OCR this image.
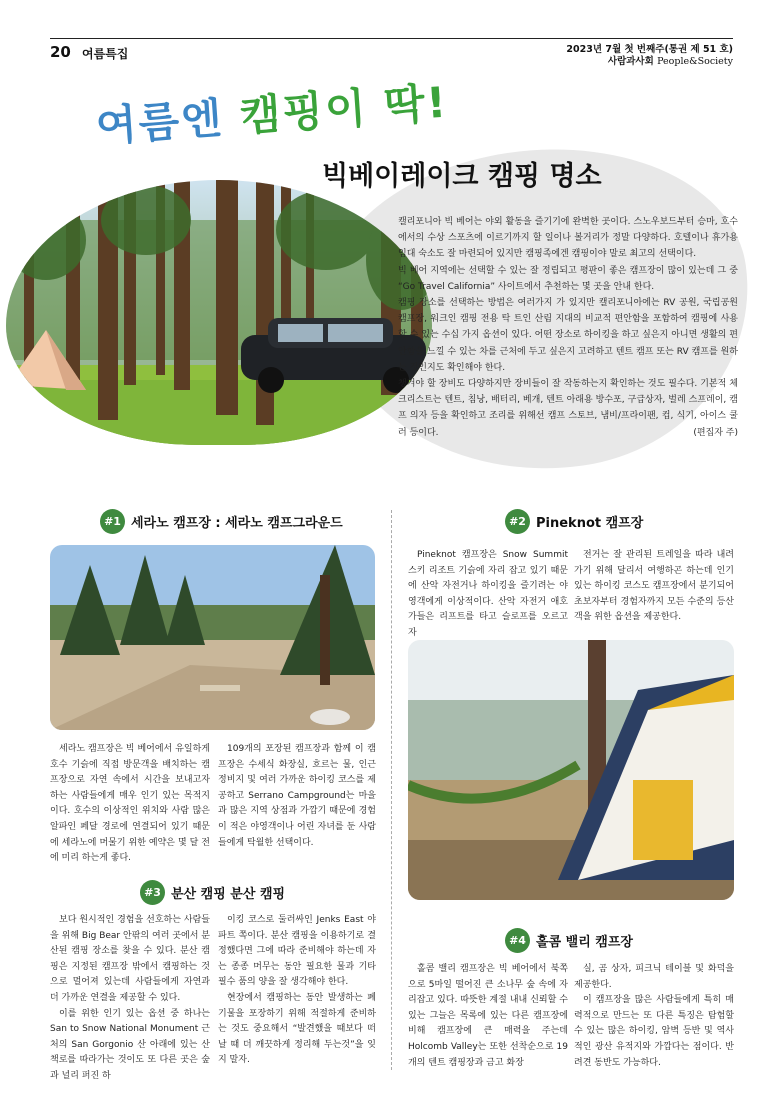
20 여름특집	2023년 7월 첫 번째주(통권 제 51 호)
사람과사회 People&Society
여름엔 캠핑이 딱!
빅베이레이크 캠핑 명소

캘리포니아 빅 베어는 야외 활동을 즐기기에 완벽한 곳이다. 스노우보드부터 승마, 호수에서의 수상 스포츠에 이르기까지 할 일이나 볼거리가 정말 다양하다. 호텔이나 휴가용 임대 숙소도 잘 마련되어 있지만 캠핑족에겐 캠핑이야 말로 최고의 선택이다.

빅 베어 지역에는 선택할 수 있는 잘 정립되고 평판이 좋은 캠프장이 많이 있는데 그 중 “Go Travel California” 사이트에서 추천하는 몇 곳을 안내 한다.

캠핑 장소를 선택하는 방법은 여러가지 가 있지만 캘리포니아에는 RV 공원, 국립공원 캠프장, 워크인 캠핑 전용 탁 트인 산림 지대의 비교적 편안함을 포함하여 캠핑에 사용할 수 있는 수십 가지 옵션이 있다. 어떤 장소로 하이킹을 하고 싶은지 아니면 생활의 편안함을 느낄 수 있는 차를 근처에 두고 싶은지 고려하고 텐트 캠프 또는 RV 캠프를 원하는 것인지도 확인해야 한다.

챙겨야 할 장비도 다양하지만 장비들이 잘 작동하는지 확인하는 것도 필수다. 기본적 체크리스트는 텐트, 침낭, 배터리, 베개, 텐트 아래용 방수포, 구급상자, 벌레 스프레이, 캠프 의자 등을 확인하고 조리를 위해선 캠프 스토브, 냄비/프라이팬, 컵, 식기, 아이스 쿨러 등이다.	(편집자 주)
#1 세라노 캠프장 : 세라노 캠프그라운드

세라노 캠프장은 빅 베어에서 유일하게 호수 기슭에 직접 방문객을 배치하는 캠프장으로 자연 속에서 시간을 보내고자 하는 사람들에게 매우 인기 있는 목적지이다. 호수의 이상적인 위치와 사람 많은 알파인 페달 경로에 연결되어 있기 때문에 세라노에 머물기 위한 예약은 몇 달 전에 미리 하는게 좋다.

109개의 포장된 캠프장과 함께 이 캠프장은 수세식 화장실, 흐르는 물, 인근 정비지 및 여러 가까운 하이킹 코스를 제공하고 Serrano Campground는 마을과 많은 지역 상점과 가깝기 때문에 경험이 적은 야영객이나 어린 자녀를 둔 사람들에게 탁월한 선택이다.

#2 Pineknot 캠프장

Pineknot 캠프장은 Snow Summit 스키 리조트 기슭에 자리 잡고 있기 때문에 산악 자전거나 하이킹을 즐기려는 야영객에게 이상적이다. 산악 자전거 애호가들은 리프트를 타고 슬로프를 오르고 자

전거는 잘 관리된 트레일을 따라 내려가기 위해 달리서 여행하곤 하는데 인기 있는 하이킹 코스도 캠프장에서 분기되어 초보자부터 경험자까지 모든 수준의 등산객을 위한 옵션을 제공한다.

#3 분산 캠핑
분산 캠핑

보다 원시적인 경험을 선호하는 사람들을 위해 Big Bear 안팎의 여러 곳에서 분산된 캠핑 장소를 찾을 수 있다. 분산 캠핑은 지정된 캠프장 밖에서 캠핑하는 것으로 멀어져 있는데 사람들에게 자연과 더 가까운 연결을 제공할 수 있다.

이를 위한 인기 있는 옵션 중 하나는 San to Snow National Monument 근처의 San Gorgonio 산 아래에 있는 산책로를 따라가는 것이도 또 다른 곳은 숲과 널리 퍼진 하

이킹 코스로 둘러싸인 Jenks East 야파트 쪽이다. 분산 캠핑을 이용하기로 결정했다면 그에 따라 준비해야 하는데 자는 종종 머무는 동안 필요한 물과 기타 필수 품의 양을 잘 생각해야 한다.

현장에서 캠핑하는 동안 발생하는 폐기물을 포장하기 위해 적절하게 준비하는 것도 중요해서 “발견했을 때보다 떠날 때 더 깨끗하게 정리해 두는것”을 잊지 말자.

#4 홀콤 밸리 캠프장

홀콤 밸리 캠프장은 빅 베어에서 북쪽으로 5마일 떨어진 큰 소나무 숲 속에 자리잡고 있다. 따뜻한 계절 내내 신뢰할 수 있는 그늘은 목록에 있는 다른 캠프장에 비해 캠프장에 큰 매력을 주는데 Holcomb Valley는 또한 선착순으로 19개의 텐트 캠핑장과 금고 화장

실, 곰 상자, 피크닉 테이블 및 화덕을 제공한다.

이 캠프장을 많은 사람들에게 특히 매력적으로 만드는 또 다른 특징은 탐험할 수 있는 많은 하이킹, 암벽 등반 및 역사적인 광산 유적지와 가깝다는 점이다. 반려견 동반도 가능하다.
